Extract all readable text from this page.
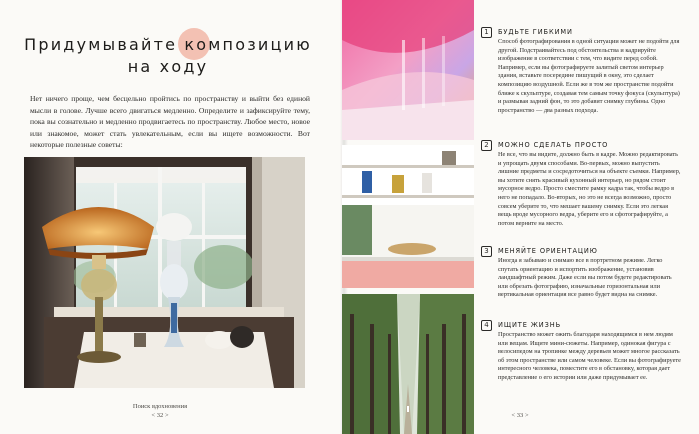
Придумывайте композицию
на ходу

Нет ничего проще, чем бесцельно пройтись по пространству и выйти без единой мысли в голове. Лучше всего двигаться медленно. Определите и зафиксируйте тему, пока вы сознательно и медленно продвигаетесь по пространству. Любое место, новое или знакомое, может стать увлекательным, если вы ищете возможности. Вот некоторые полезные советы:

Поиск вдохновения
< 32 >
1	БУДЬТЕ ГИБКИМИ
Способ фотографирования в одной ситуации может не подойти для другой. Подстраивайтесь под обстоятельства и кадрируйте изображение в соответствии с тем, что видите перед собой. Например, если вы фотографируете залитый светом интерьер здания, вставьте посередине пишущий в окну, это сделает композицию воздушной. Если же в том же пространстве подойти ближе к скульптуре, создавая тем самым точку фокуса (скульптура) и размывая задний фон, то это добавит снимку глубины. Одно пространство — два разных подхода.
2	МОЖНО СДЕЛАТЬ ПРОСТО
Не все, что вы видите, должно быть в кадре. Можно редактировать и упрощать двумя способами. Во-первых, можно выпустить лишние предметы и сосредоточиться на объекте съемки. Например, вы хотите снять красивый кухонный интерьер, но рядом стоит мусорное ведро. Просто сместите рамку кадра так, чтобы ведро в него не попадало. Во-вторых, но это не всегда возможно, просто совсем уберите то, что мешает вашему снимку. Если это легкая вещь вроде мусорного ведра, уберите его и сфотографируйте, а потом верните на место.
3	МЕНЯЙТЕ ОРИЕНТАЦИЮ
Иногда я забываю и снимаю все в портретном режиме. Легко спутать ориентацию и испортить изображение, установив ландшафтный режим. Даже если вы потом будете редактировать или обрезать фотографию, изначальные горизонтальная или вертикальная ориентация все равно будет видна на снимке.
4	ИЩИТЕ ЖИЗНЬ
Пространство может ожить благодаря находящимся в нем людям или вещам. Ищите мини-сюжеты. Например, одинокая фигура с велосипедом на тропинке между деревьев может многое рассказать об этом пространстве или самом человеке. Если вы фотографируете интересного человека, поместите его в обстановку, которая дает представление о его истории или даже придумывает ее.
< 33 >
